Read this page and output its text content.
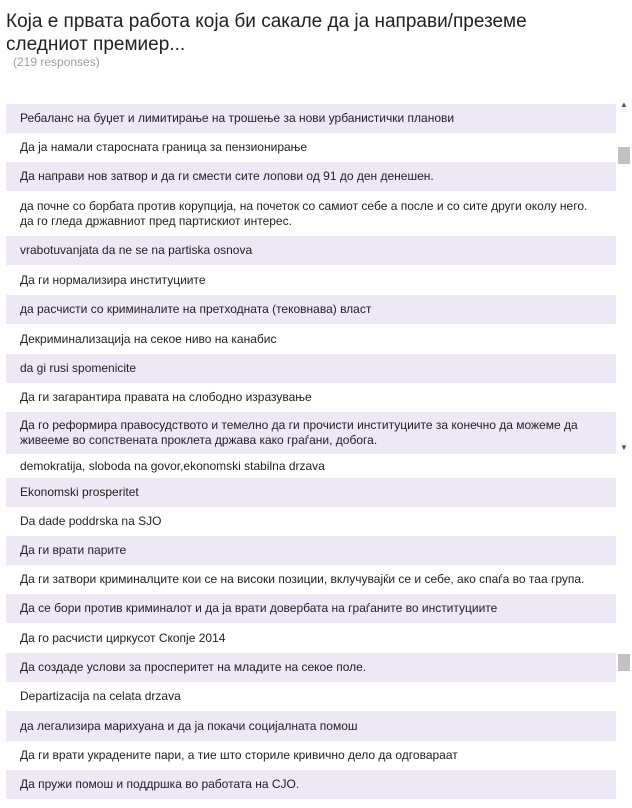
Која е првата работа која би сакале да ја направи/преземе следниот премиер...
(219 responses)
Ребаланс на буџет и лимитирање на трошење за нови урбанистички планови
Да ја намали старосната граница за пензионирање
Да направи нов затвор и да ги смести сите лопови од 91 до ден денешен.
да почне со борбата против корупција, на почеток со самиот себе а после и со сите други околу него. да го гледа државниот пред партискиот интерес.
vrabotuvanjata da ne se na partiska osnova
Да ги нормализира институциите
да расчисти со криминалите на претходната (тековнава) власт
Декриминализација на секое ниво на канабис
da gi rusi spomenicite
Да ги загарантира правата на слободно изразување
Да го реформира правосудството и темелно да ги прочисти институциите за конечно да можеме да живееме во сопствената проклета држава како граѓани, добога.
demokratija, sloboda na govor,ekonomski stabilna drzava
Ekonomski prosperitet
Da dade poddrska na SJO
Да ги врати парите
Да ги затвори криминалците кои се на високи позиции, вклучувајќи се и себе, ако спаѓа во таа група.
Да се бори против криминалот и да ја врати довербата на граѓаните во институциите
Да го расчисти циркусот Скопје 2014
Да создаде услови за просперитет на младите на секое поле.
Departizacija na celata drzava
да легализира марихуана и да ја покачи социјалната помош
Да ги врати украдените пари, а тие што сториле кривично дело да одговараат
Да пружи помош и поддршка во работата на СЈО.
▲
▼
